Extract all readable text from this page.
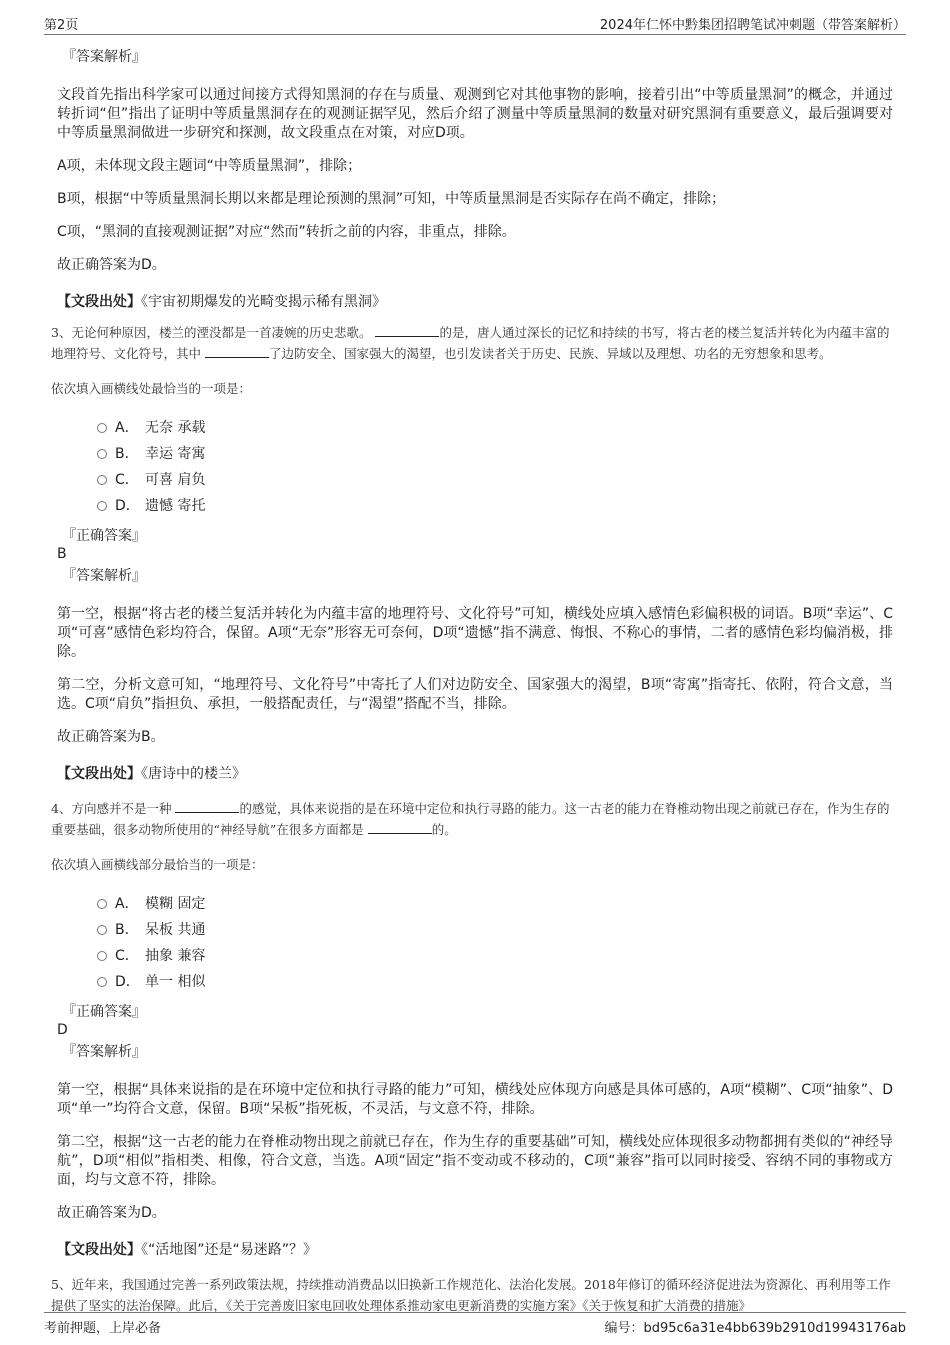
第2页	2024年仁怀中黔集团招聘笔试冲刺题（带答案解析）
『答案解析』
文段首先指出科学家可以通过间接方式得知黑洞的存在与质量、观测到它对其他事物的影响，接着引出“中等质量黑洞”的概念，并通过转折词“但”指出了证明中等质量黑洞存在的观测证据罕见，然后介绍了测量中等质量黑洞的数量对研究黑洞有重要意义，最后强调要对中等质量黑洞做进一步研究和探测，故文段重点在对策，对应D项。
A项，未体现文段主题词“中等质量黑洞”，排除；
B项，根据“中等质量黑洞长期以来都是理论预测的黑洞”可知，中等质量黑洞是否实际存在尚不确定，排除；
C项，“黑洞的直接观测证据”对应“然而”转折之前的内容，非重点，排除。
故正确答案为D。
【文段出处】《宇宙初期爆发的光畸变揭示稀有黑洞》
3、无论何种原因，楼兰的湮没都是一首凄婉的历史悲歌。	的是，唐人通过深长的记忆和持续的书写，将古老的楼兰复活并转化为内蕴丰富的地理符号、文化符号，其中	了边防安全、国家强大的渴望，也引发读者关于历史、民族、异域以及理想、功名的无穷想象和思考。
依次填入画横线处最恰当的一项是：
A． 无奈 承载
B． 幸运 寄寓
C． 可喜 肩负
D． 遗憾 寄托
『正确答案』
B
『答案解析』
第一空，根据“将古老的楼兰复活并转化为内蕴丰富的地理符号、文化符号”可知，横线处应填入感情色彩偏积极的词语。B项“幸运”、C项“可喜”感情色彩均符合，保留。A项“无奈”形容无可奈何，D项“遗憾”指不满意、悔恨、不称心的事情，二者的感情色彩均偏消极，排除。
第二空，分析文意可知，“地理符号、文化符号”中寄托了人们对边防安全、国家强大的渴望，B项“寄寓”指寄托、依附，符合文意，当选。C项“肩负”指担负、承担，一般搭配责任，与“渴望”搭配不当，排除。
故正确答案为B。
【文段出处】《唐诗中的楼兰》
4、方向感并不是一种	的感觉，具体来说指的是在环境中定位和执行寻路的能力。这一古老的能力在脊椎动物出现之前就已存在，作为生存的重要基础，很多动物所使用的“神经导航”在很多方面都是	的。
依次填入画横线部分最恰当的一项是：
A． 模糊 固定
B． 呆板 共通
C． 抽象 兼容
D． 单一 相似
『正确答案』
D
『答案解析』
第一空，根据“具体来说指的是在环境中定位和执行寻路的能力”可知，横线处应体现方向感是具体可感的，A项“模糊”、C项“抽象”、D项“单一”均符合文意，保留。B项“呆板”指死板，不灵活，与文意不符，排除。
第二空，根据“这一古老的能力在脊椎动物出现之前就已存在，作为生存的重要基础”可知，横线处应体现很多动物都拥有类似的“神经导航”，D项“相似”指相类、相像，符合文意，当选。A项“固定”指不变动或不移动的，C项“兼容”指可以同时接受、容纳不同的事物或方面，均与文意不符，排除。
故正确答案为D。
【文段出处】《“活地图”还是“易迷路”？》
5、近年来，我国通过完善一系列政策法规，持续推动消费品以旧换新工作规范化、法治化发展。2018年修订的循环经济促进法为资源化、再利用等工作提供了坚实的法治保障。此后，《关于完善废旧家电回收处理体系推动家电更新消费的实施方案》《关于恢复和扩大消费的措施》
考前押题，上岸必备	编号：bd95c6a31e4bb639b2910d19943176ab
